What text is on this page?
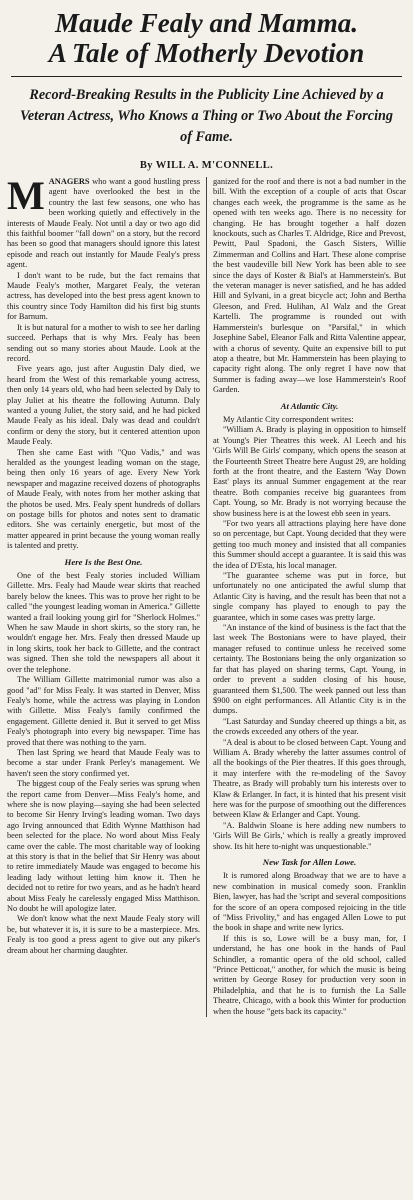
Maude Fealy and Mamma.
A Tale of Motherly Devotion
Record-Breaking Results in the Publicity Line Achieved by a Veteran Actress, Who Knows a Thing or Two About the Forcing of Fame.
By WILL A. M'CONNELL.

MANAGERS who want a good hustling press agent have overlooked the best in the country the last few seasons, one who has been working quietly and effectively in the interests of Maude Fealy. Not until a day or two ago did this faithful boomer "fall down" on a story, but the record has been so good that managers should ignore this latest episode and reach out instantly for Maude Fealy's press agent.

I don't want to be rude, but the fact remains that Maude Fealy's mother, Margaret Fealy, the veteran actress, has developed into the best press agent known to this country since Tody Hamilton did his first big stunts for Barnum.

It is but natural for a mother to wish to see her darling succeed. Perhaps that is why Mrs. Fealy has been sending out so many stories about Maude. Look at the record.

Five years ago, just after Augustin Daly died, we heard from the West of this remarkable young actress, then only 14 years old, who had been selected by Daly to play Juliet at his theatre the following Autumn. Daly wanted a young Juliet, the story said, and he had picked Maude Fealy as his ideal. Daly was dead and couldn't confirm or deny the story, but it centered attention upon Maude Fealy.

Then she came East with "Quo Vadis," and was heralded as the youngest leading woman on the stage, being then only 16 years of age. Every New York newspaper and magazine received dozens of photographs of Maude Fealy, with notes from her mother asking that the photos be used. Mrs. Fealy spent hundreds of dollars on postage bills for photos and notes sent to dramatic editors. She was certainly energetic, but most of the matter appeared in print because the young woman really is talented and pretty.

Here Is the Best One.

One of the best Fealy stories included William Gillette. Mrs. Fealy had Maude wear skirts that reached barely below the knees. This was to prove her right to be called "the youngest leading woman in America." Gillette wanted a frail looking young girl for "Sherlock Holmes." When he saw Maude in short skirts, so the story ran, he wouldn't engage her. Mrs. Fealy then dressed Maude up in long skirts, took her back to Gillette, and the contract was signed. Then she told the newspapers all about it over the telephone.

The William Gillette matrimonial rumor was also a good "ad" for Miss Fealy. It was started in Denver, Miss Fealy's home, while the actress was playing in London with Gillette. Miss Fealy's family confirmed the engagement. Gillette denied it. But it served to get Miss Fealy's photograph into every big newspaper. Time has proved that there was nothing to the yarn.

Then last Spring we heard that Maude Fealy was to become a star under Frank Perley's management. We haven't seen the story confirmed yet.

The biggest coup of the Fealy series was sprung when the report came from Denver—Miss Fealy's home, and where she is now playing—saying she had been selected to become Sir Henry Irving's leading woman. Two days ago Irving announced that Edith Wynne Matthison had been selected for the place. No word about Miss Fealy came over the cable. The most charitable way of looking at this story is that in the belief that Sir Henry was about to retire immediately Maude was engaged to become his leading lady without letting him know it. Then he decided not to retire for two years, and as he hadn't heard about Miss Fealy he carelessly engaged Miss Matthison. No doubt he will apologize later.

We don't know what the next Maude Fealy story will be, but whatever it is, it is sure to be a masterpiece. Mrs. Fealy is too good a press agent to give out any piker's dream about her charming daughter.

ganized for the roof and there is not a bad number in the bill. With the exception of a couple of acts that Oscar changes each week, the programme is the same as he opened with ten weeks ago. There is no necessity for changing. He has brought together a half dozen knockouts, such as Charles T. Aldridge, Rice and Prevost, Pewitt, Paul Spadoni, the Gasch Sisters, Willie Zimmerman and Collins and Hart. These alone comprise the best vaudeville bill New York has been able to see since the days of Koster & Bial's at Hammerstein's. But the veteran manager is never satisfied, and he has added Hill and Sylvani, in a great bicycle act; John and Bertha Gleeson, and Fred. Hulihan, Al Walz and the Great Kartelli. The programme is rounded out with Hammerstein's burlesque on "Parsifal," in which Josephine Sabel, Eleanor Falk and Ritta Valentine appear, with a chorus of seventy. Quite an expensive bill to put atop a theatre, but Mr. Hammerstein has been playing to capacity right along. The only regret I have now that Summer is fading away—we lose Hammerstein's Roof Garden.

At Atlantic City.

My Atlantic City correspondent writes:

"William A. Brady is playing in opposition to himself at Young's Pier Theatres this week. Al Leech and his 'Girls Will Be Girls' company, which opens the season at the Fourteenth Street Theatre here August 29, are holding forth at the front theatre, and the Eastern 'Way Down East' plays its annual Summer engagement at the rear theatre. Both companies receive big guarantees from Capt. Young, so Mr. Brady is not worrying because the show business here is at the lowest ebb seen in years.

"For two years all attractions playing here have done so on percentage, but Capt. Young decided that they were getting too much money and insisted that all companies this Summer should accept a guarantee. It is said this was the idea of D'Esta, his local manager.

"The guarantee scheme was put in force, but unfortunately no one anticipated the awful slump that Atlantic City is having, and the result has been that not a single company has played to enough to pay the guarantee, which in some cases was pretty large.

"An instance of the kind of business is the fact that the last week The Bostonians were to have played, their manager refused to continue unless he received some certainty. The Bostonians being the only organization so far that has played on sharing terms, Capt. Young, in order to prevent a sudden closing of his house, guaranteed them $1,500. The week panned out less than $900 on eight performances. All Atlantic City is in the dumps.

"Last Saturday and Sunday cheered up things a bit, as the crowds exceeded any others of the year.

"A deal is about to be closed between Capt. Young and William A. Brady whereby the latter assumes control of all the bookings of the Pier theatres. If this goes through, it may interfere with the re-modeling of the Savoy Theatre, as Brady will probably turn his interests over to Klaw & Erlanger. In fact, it is hinted that his present visit here was for the purpose of smoothing out the differences between Klaw & Erlanger and Capt. Young.

"A. Baldwin Sloane is here adding new numbers to 'Girls Will Be Girls,' which is really a greatly improved show. Its hit here to-night was unquestionable."

New Task for Allen Lowe.

It is rumored along Broadway that we are to have a new combination in musical comedy soon. Franklin Bien, lawyer, has had the 'script and several compositions for the score of an opera composed rejoicing in the title of "Miss Frivolity," and has engaged Allen Lowe to put the book in shape and write new lyrics.

If this is so, Lowe will be a busy man, for, I understand, he has one book in the hands of Paul Schindler, a romantic opera of the old school, called "Prince Petticoat," another, for which the music is being written by George Rosey for production very soon in Philadelphia, and that he is to furnish the La Salle Theatre, Chicago, with a book this Winter for production when the house "gets back its capacity."
